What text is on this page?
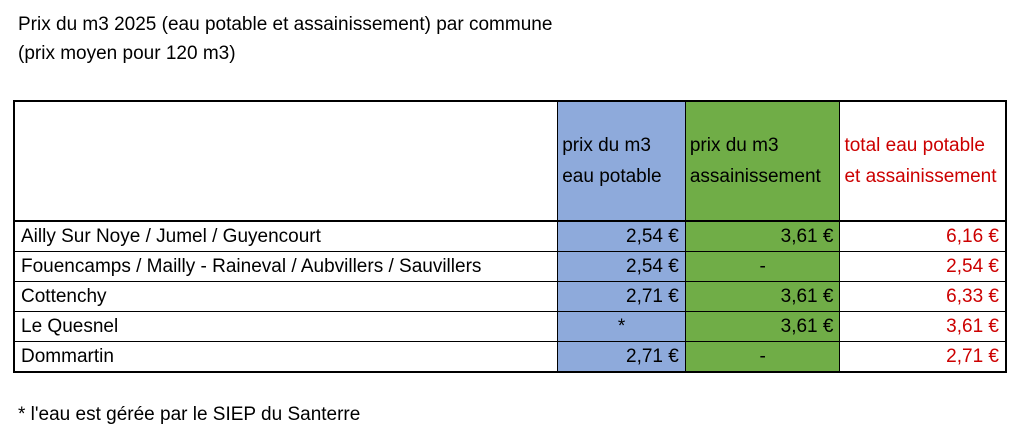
Prix du m3 2025 (eau potable et assainissement) par commune
(prix moyen pour 120 m3)
	prix du m3 eau potable	prix du m3 assainissement	total eau potable et assainissement
Ailly Sur Noye / Jumel / Guyencourt	2,54 €	3,61 €	6,16 €
Fouencamps / Mailly - Raineval / Aubvillers / Sauvillers	2,54 €	-	2,54 €
Cottenchy	2,71 €	3,61 €	6,33 €
Le Quesnel	*	3,61 €	3,61 €
Dommartin	2,71 €	-	2,71 €
* l'eau est gérée par le SIEP du Santerre
